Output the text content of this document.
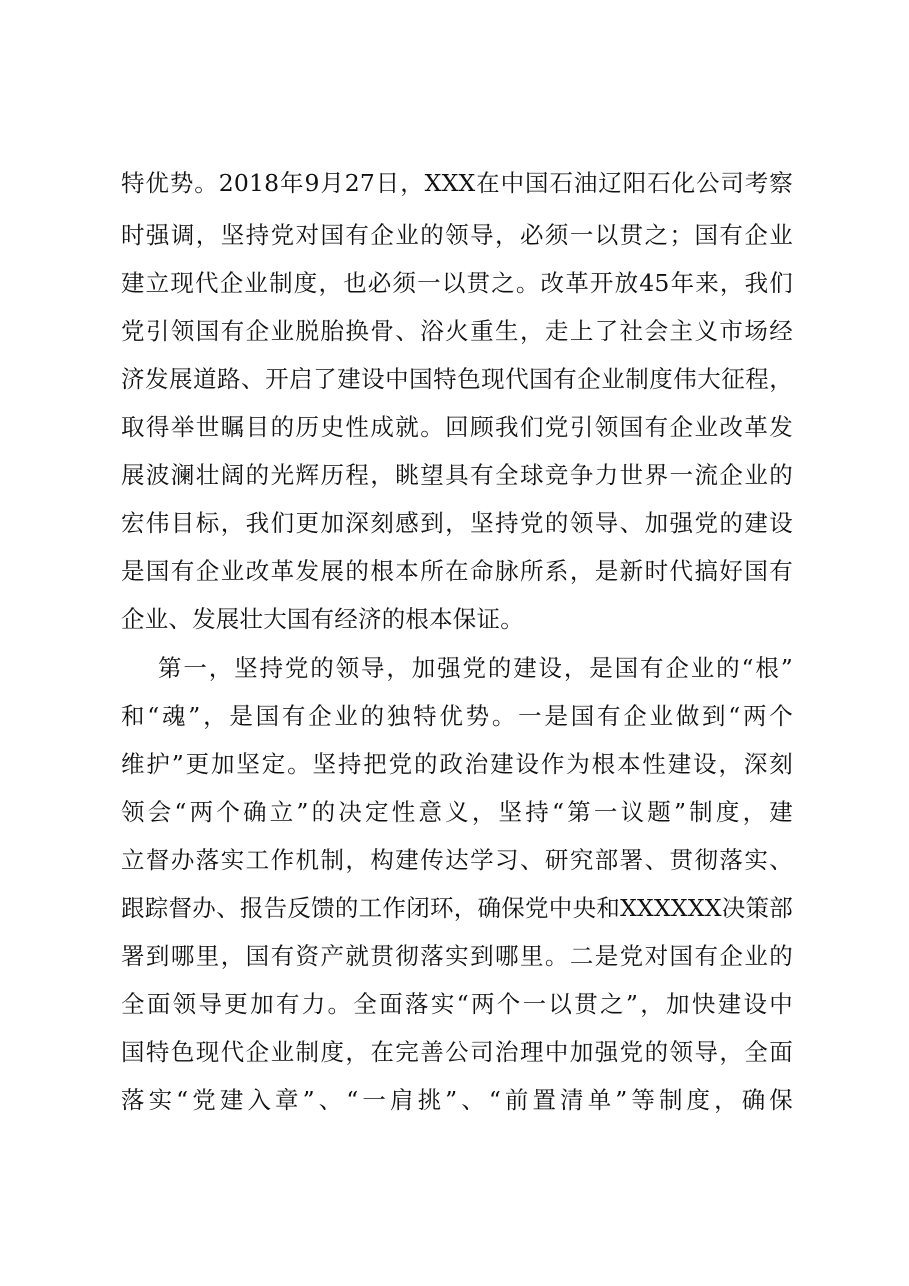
特优势。2018年9月27日，XXX在中国石油辽阳石化公司考察
时强调，坚持党对国有企业的领导，必须一以贯之；国有企业
建立现代企业制度，也必须一以贯之。改革开放45年来，我们
党引领国有企业脱胎换骨、浴火重生，走上了社会主义市场经
济发展道路、开启了建设中国特色现代国有企业制度伟大征程，
取得举世瞩目的历史性成就。回顾我们党引领国有企业改革发
展波澜壮阔的光辉历程，眺望具有全球竞争力世界一流企业的
宏伟目标，我们更加深刻感到，坚持党的领导、加强党的建设
是国有企业改革发展的根本所在命脉所系，是新时代搞好国有
企业、发展壮大国有经济的根本保证。
第一，坚持党的领导，加强党的建设，是国有企业的“根”
和“魂”，是国有企业的独特优势。一是国有企业做到“两个
维护”更加坚定。坚持把党的政治建设作为根本性建设，深刻
领会“两个确立”的决定性意义，坚持“第一议题”制度，建
立督办落实工作机制，构建传达学习、研究部署、贯彻落实、
跟踪督办、报告反馈的工作闭环，确保党中央和XXXXXX决策部
署到哪里，国有资产就贯彻落实到哪里。二是党对国有企业的
全面领导更加有力。全面落实“两个一以贯之”，加快建设中
国特色现代企业制度，在完善公司治理中加强党的领导，全面
落实“党建入章”、“一肩挑”、“前置清单”等制度，确保
